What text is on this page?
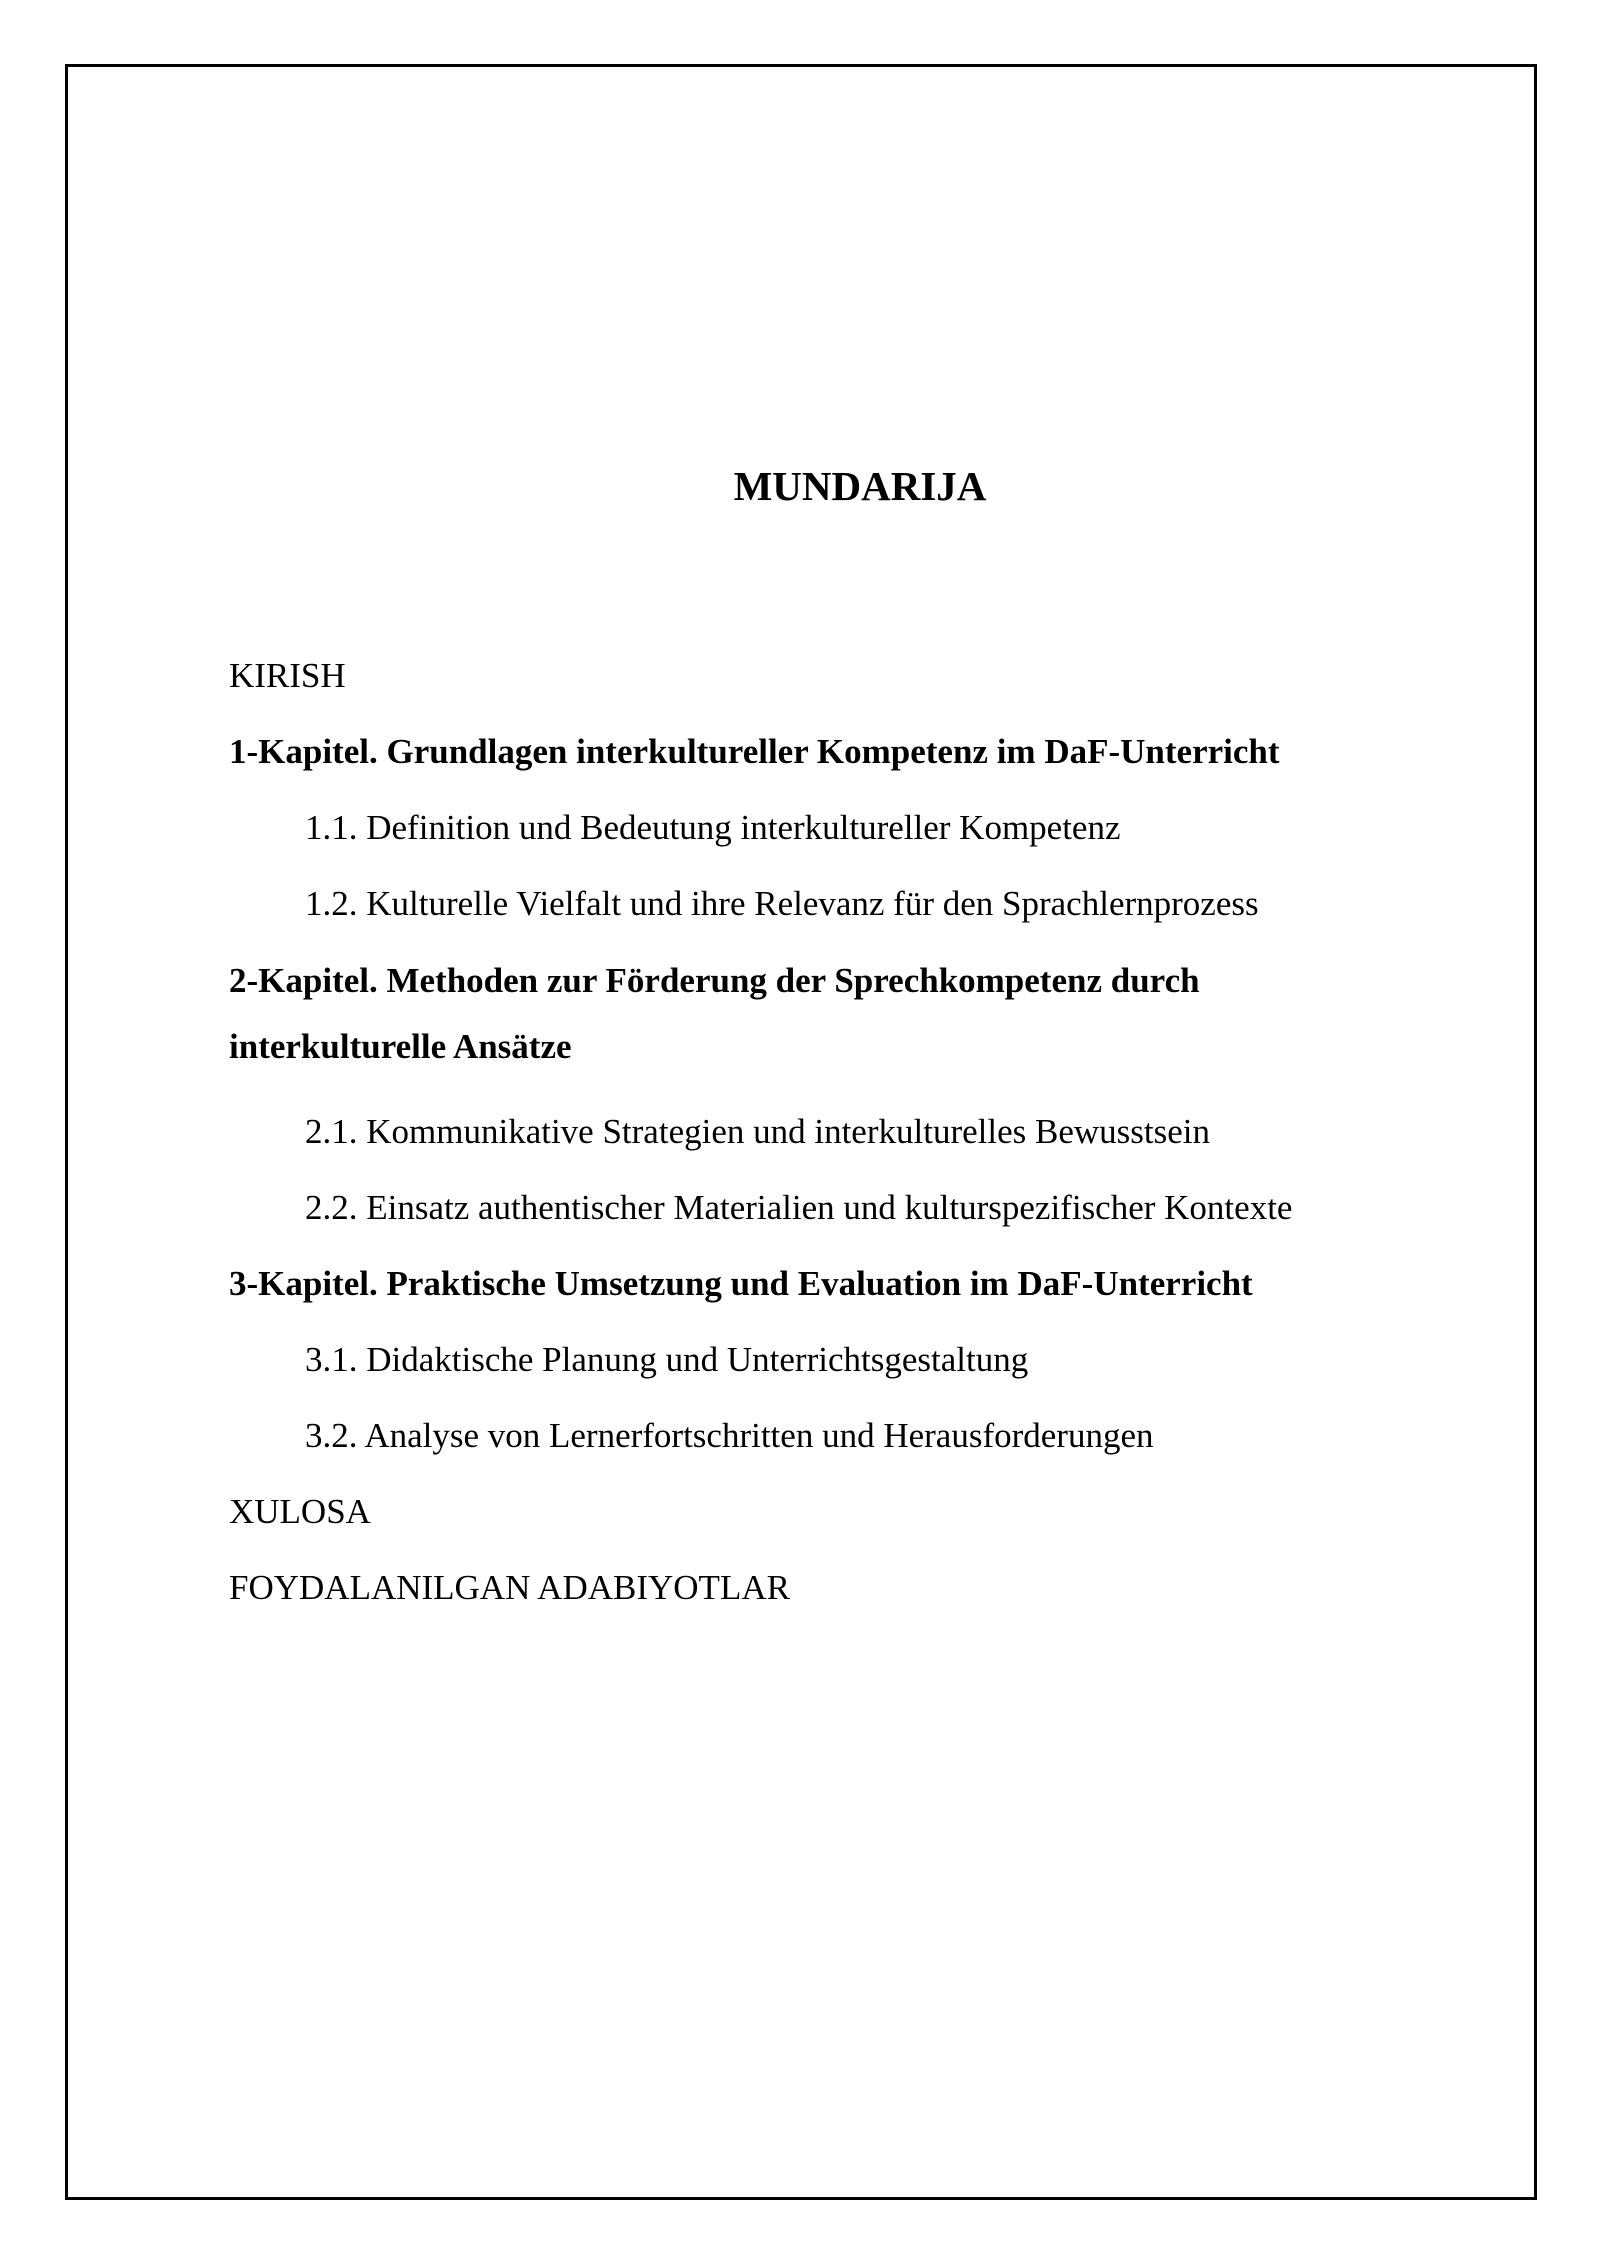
MUNDARIJA
KIRISH
1-Kapitel. Grundlagen interkultureller Kompetenz im DaF-Unterricht
1.1. Definition und Bedeutung interkultureller Kompetenz
1.2. Kulturelle Vielfalt und ihre Relevanz für den Sprachlernprozess
2-Kapitel. Methoden zur Förderung der Sprechkompetenz durch interkulturelle Ansätze
2.1. Kommunikative Strategien und interkulturelles Bewusstsein
2.2. Einsatz authentischer Materialien und kulturspezifischer Kontexte
3-Kapitel. Praktische Umsetzung und Evaluation im DaF-Unterricht
3.1. Didaktische Planung und Unterrichtsgestaltung
3.2. Analyse von Lernerfortschritten und Herausforderungen
XULOSA
FOYDALANILGAN ADABIYOTLAR
